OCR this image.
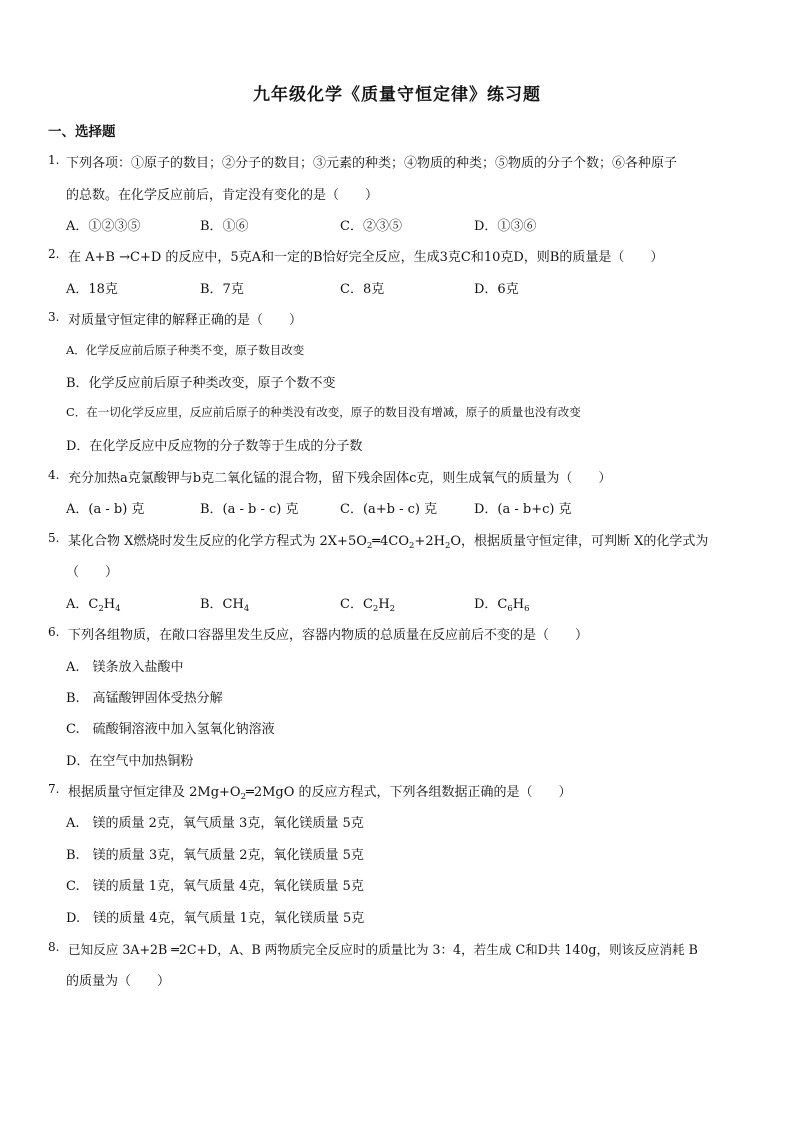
九年级化学《质量守恒定律》练习题
一、选择题
1. 下列各项：①原子的数目；②分子的数目；③元素的种类；④物质的种类；⑤物质的分子个数；⑥各种原子
的总数。在化学反应前后，肯定没有变化的是（　　）
A．①②③⑤	B．①⑥	C．②③⑤	D．①③⑥
2. 在 A+B →C+D 的反应中，5克A和一定的B恰好完全反应，生成3克C和10克D，则B的质量是（　　）
A．18克	B．7克	C．8克	D．6克
3. 对质量守恒定律的解释正确的是（　　）
A．化学反应前后原子种类不变，原子数目改变
B．化学反应前后原子种类改变，原子个数不变
C．在一切化学反应里，反应前后原子的种类没有改变，原子的数目没有增减，原子的质量也没有改变
D．在化学反应中反应物的分子数等于生成的分子数
4. 充分加热a克氯酸钾与b克二氧化锰的混合物，留下残余固体c克，则生成氧气的质量为（　　）
A．(a - b) 克	B．(a - b - c) 克	C．(a+b - c) 克	D．(a - b+c) 克
5. 某化合物 X燃烧时发生反应的化学方程式为 $2X+5O_2═4CO_2+2H_2O$，根据质量守恒定律，可判断 X的化学式为
（　　）
A．$C_2H_4$	B．$CH_4$	C．$C_2H_2$	D．$C_6H_6$
6. 下列各组物质，在敞口容器里发生反应，容器内物质的总质量在反应前后不变的是（　　）
A.　镁条放入盐酸中
B.　高锰酸钾固体受热分解
C.　硫酸铜溶液中加入氢氧化钠溶液
D．在空气中加热铜粉
7. 根据质量守恒定律及 $2Mg+O_2═2MgO$ 的反应方程式，下列各组数据正确的是（　　）
A.　镁的质量 2克，氧气质量 3克，氧化镁质量 5克
B.　镁的质量 3克，氧气质量 2克，氧化镁质量 5克
C.　镁的质量 1克，氧气质量 4克，氧化镁质量 5克
D.　镁的质量 4克，氧气质量 1克，氧化镁质量 5克
8. 已知反应 3A+2B ═2C+D，A、B 两物质完全反应时的质量比为 3：4，若生成 C和D共 140g，则该反应消耗 B
的质量为（　　）
